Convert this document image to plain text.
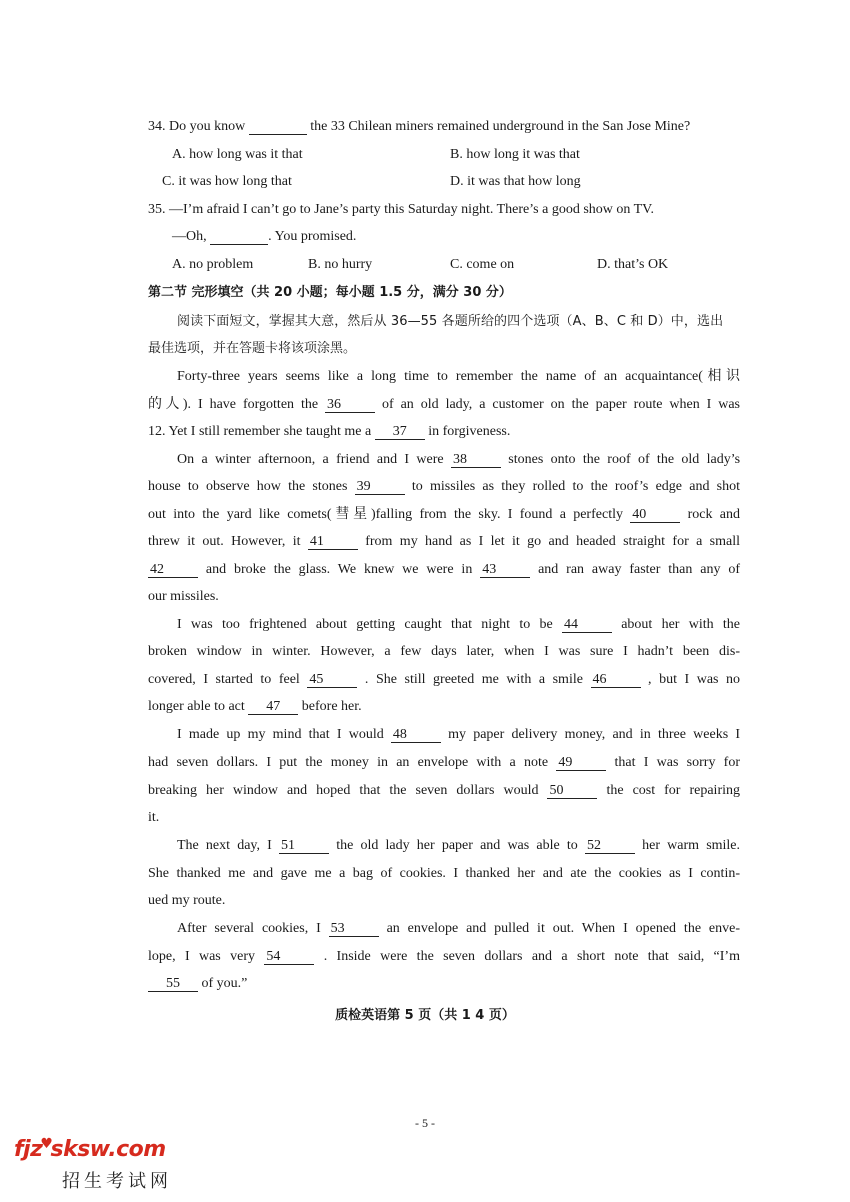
34. Do you know	the 33 Chilean miners remained underground in the San Jose Mine?
A. how long was it that	B. how long it was that
C. it was how long that	D. it was that how long
35. —I’m afraid I can’t go to Jane’s party this Saturday night. There’s a good show on TV.
—Oh,	. You promised.
A. no problem	B. no hurry	C. come on	D. that’s OK
第二节 完形填空（共 20 小题；每小题 1.5 分，满分 30 分）
阅读下面短文，掌握其大意，然后从 36—55 各题所给的四个选项（A、B、C 和 D）中，选出
最佳选项，并在答题卡将该项涂黑。
Forty-three years seems like a long time to remember the name of an acquaintance(相识
的人). I have forgotten the 36	of an old lady, a customer on the paper route when I was
12. Yet I still remember she taught me a 37 in forgiveness.
On a winter afternoon, a friend and I were 38	stones onto the roof of the old lady’s
house to observe how the stones 39	to missiles as they rolled to the roof’s edge and shot
out into the yard like comets(彗星)falling from the sky. I found a perfectly 40	rock and
threw it out. However, it 41	from my hand as I let it go and headed straight for a small
42	and broke the glass. We knew we were in 43	and ran away faster than any of
our missiles.
I was too frightened about getting caught that night to be 44	about her with the
broken window in winter. However, a few days later, when I was sure I hadn’t been dis-
covered, I started to feel 45	. She still greeted me with a smile 46	, but I was no
longer able to act 47 before her.
I made up my mind that I would 48	my paper delivery money, and in three weeks I
had seven dollars. I put the money in an envelope with a note 49	that I was sorry for
breaking her window and hoped that the seven dollars would 50	the cost for repairing
it.
The next day, I 51	the old lady her paper and was able to 52	her warm smile.
She thanked me and gave me a bag of cookies. I thanked her and ate the cookies as I contin-
ued my route.
After several cookies, I 53	an envelope and pulled it out. When I opened the enve-
lope, I was very 54	. Inside were the seven dollars and a short note that said, “I’m
55 of you.”
质检英语第 5 页（共 1 4 页）
- 5 -
fjz♥sksw.com
招生考试网
